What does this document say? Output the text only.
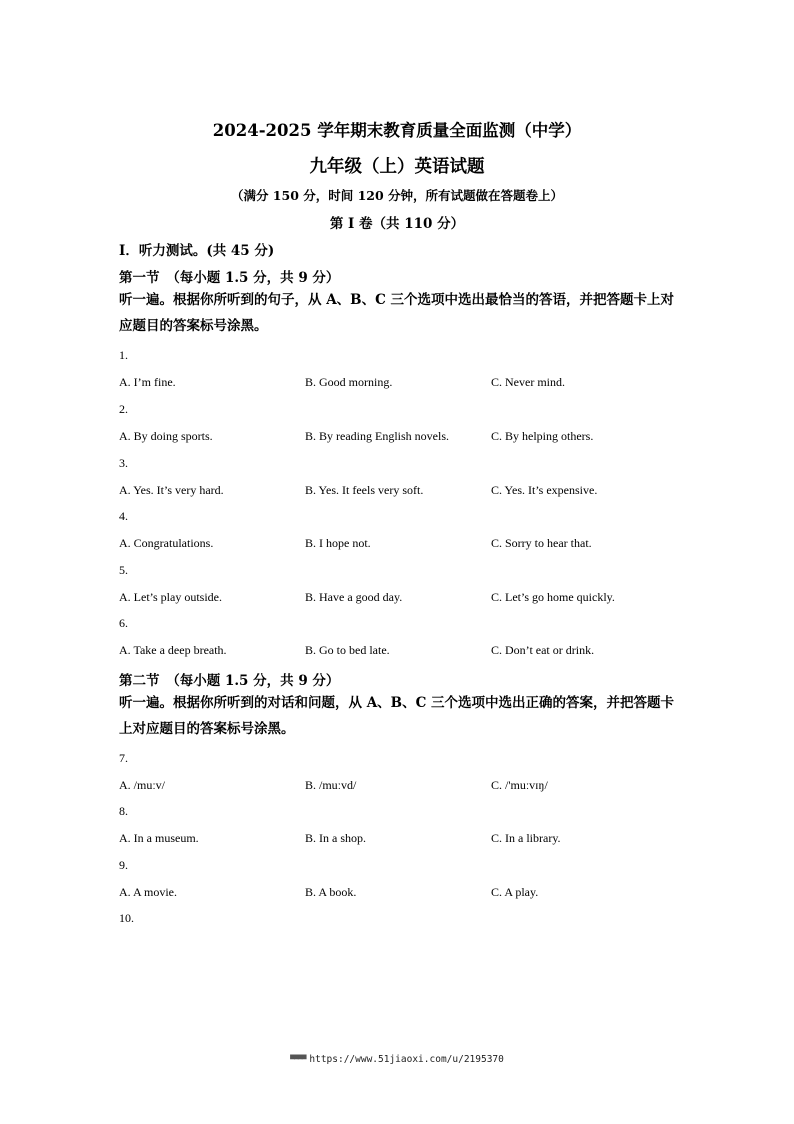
2024-2025 学年期末教育质量全面监测（中学）
九年级（上）英语试题
（满分 150 分，时间 120 分钟，所有试题做在答题卷上）
第 Ⅰ 卷（共 110 分）
Ⅰ．听力测试。(共 45 分)
第一节　（每小题 1.5 分，共 9 分）
听一遍。根据你所听到的句子，从 A、B、C 三个选项中选出最恰当的答语，并把答题卡上对应题目的答案标号涂黑。
1.
A. I’m fine.	B. Good morning.	C. Never mind.
2.
A. By doing sports.	B. By reading English novels.	C. By helping others.
3.
A. Yes. It’s very hard.	B. Yes. It feels very soft.	C. Yes. It’s expensive.
4.
A. Congratulations.	B. I hope not.	C. Sorry to hear that.
5.
A. Let’s play outside.	B. Have a good day.	C. Let’s go home quickly.
6.
A. Take a deep breath.	B. Go to bed late.	C. Don’t eat or drink.
第二节　（每小题 1.5 分，共 9 分）
听一遍。根据你所听到的对话和问题，从 A、B、C 三个选项中选出正确的答案，并把答题卡上对应题目的答案标号涂黑。
7.
A. /muːv/	B. /muːvd/	C. /'muːvɪŋ/
8.
A. In a museum.	B. In a shop.	C. In a library.
9.
A. A movie.	B. A book.	C. A play.
10.
▀▀▀▀ https://www.51jiaoxi.com/u/2195370
